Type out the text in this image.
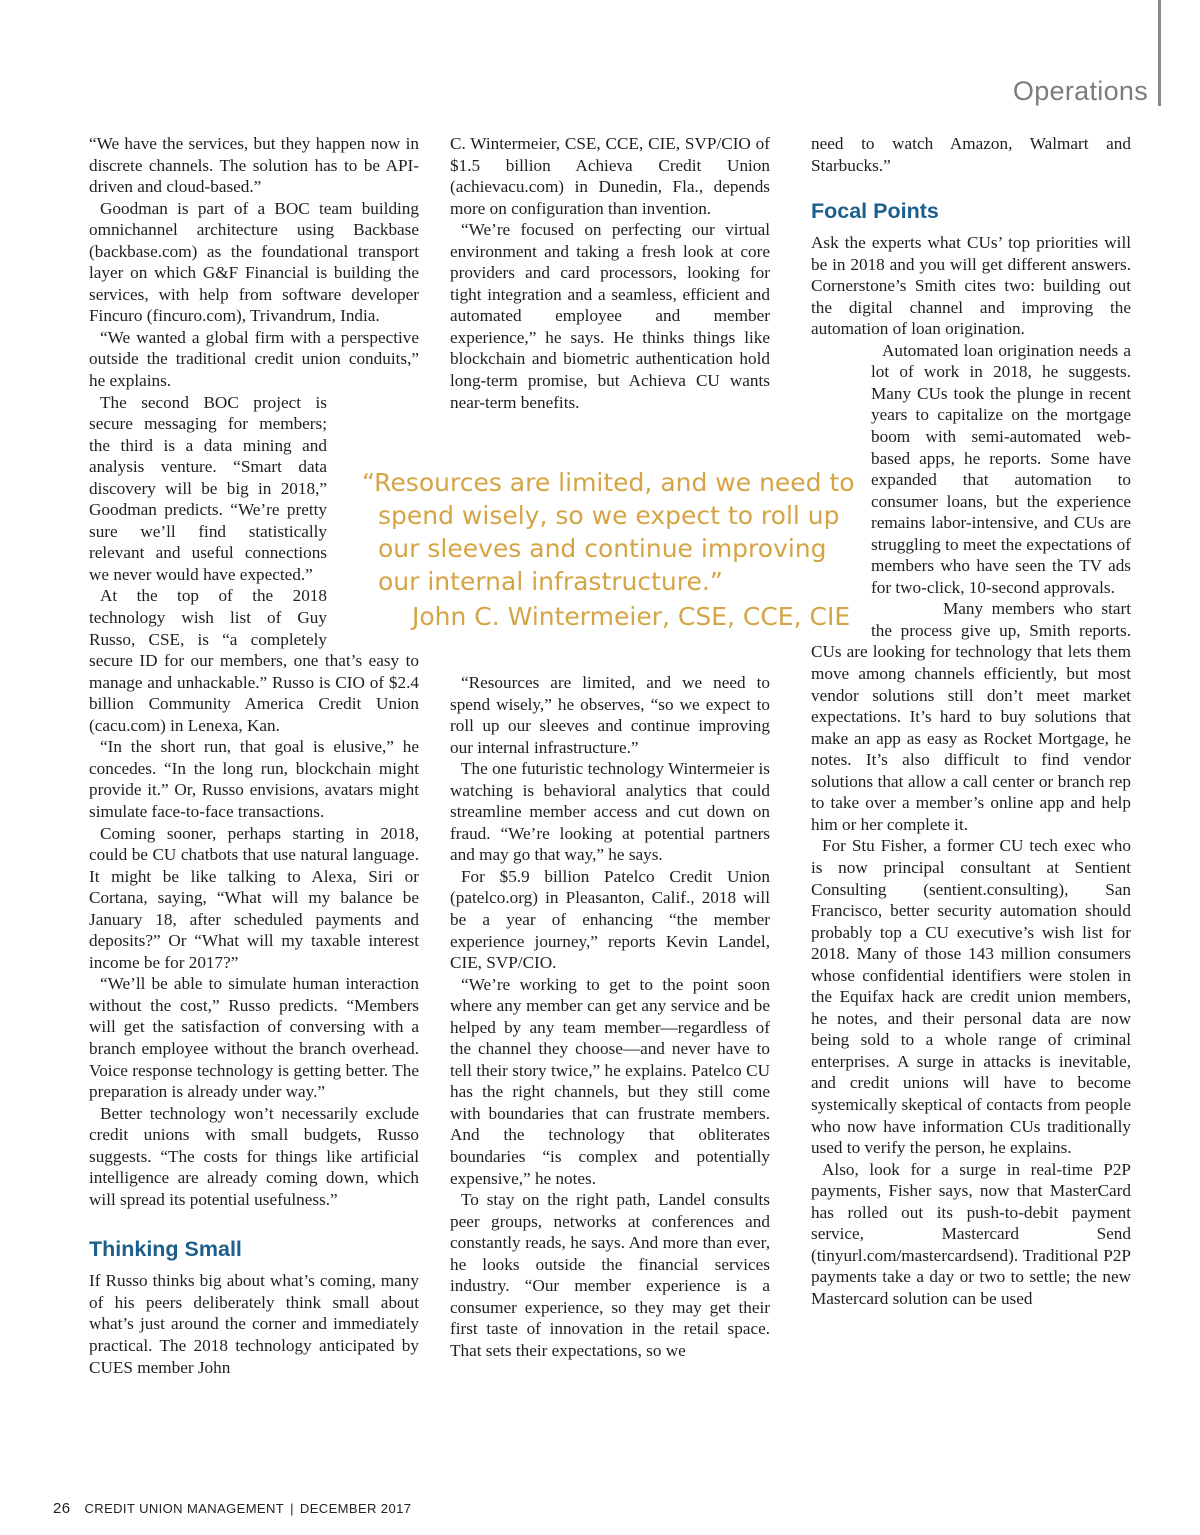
Operations

“We have the services, but they happen now in discrete channels. The solution has to be API-driven and cloud-based.”

Goodman is part of a BOC team building omnichannel architecture using Backbase (backbase.com) as the foundational transport layer on which G&F Financial is building the services, with help from software developer Fincuro (fincuro.com), Trivandrum, India.

“We wanted a global firm with a perspective outside the traditional credit union conduits,” he explains.

The second BOC project is secure messaging for members; the third is a data mining and analysis venture. “Smart data discovery will be big in 2018,” Goodman predicts. “We’re pretty sure we’ll find statistically relevant and useful connections we never would have expected.”

At the top of the 2018 technology wish list of Guy Russo, CSE, is “a completely secure ID for our members, one that’s easy to manage and unhackable.” Russo is CIO of $2.4 billion Community America Credit Union (cacu.com) in Lenexa, Kan.

“In the short run, that goal is elusive,” he concedes. “In the long run, blockchain might provide it.” Or, Russo envisions, avatars might simulate face-to-face transactions.

Coming sooner, perhaps starting in 2018, could be CU chatbots that use natural language. It might be like talking to Alexa, Siri or Cortana, saying, “What will my balance be January 18, after scheduled payments and deposits?” Or “What will my taxable interest income be for 2017?”

“We’ll be able to simulate human interaction without the cost,” Russo predicts. “Members will get the satisfaction of conversing with a branch employee without the branch overhead. Voice response technology is getting better. The preparation is already under way.”

Better technology won’t necessarily exclude credit unions with small budgets, Russo suggests. “The costs for things like artificial intelligence are already coming down, which will spread its potential usefulness.”

Thinking Small

If Russo thinks big about what’s coming, many of his peers deliberately think small about what’s just around the corner and immediately practical. The 2018 technology anticipated by CUES member John

C. Wintermeier, CSE, CCE, CIE, SVP/CIO of $1.5 billion Achieva Credit Union (achievacu.com) in Dunedin, Fla., depends more on configuration than invention.

“We’re focused on perfecting our virtual environment and taking a fresh look at core providers and card processors, looking for tight integration and a seamless, efficient and automated employee and member experience,” he says. He thinks things like blockchain and biometric authentication hold long-term promise, but Achieva CU wants near-term benefits.

“Resources are limited, and we need to
spend wisely, so we expect to roll up
our sleeves and continue improving
our internal infrastructure.”
John C. Wintermeier, CSE, CCE, CIE

“Resources are limited, and we need to spend wisely,” he observes, “so we expect to roll up our sleeves and continue improving our internal infrastructure.”

The one futuristic technology Wintermeier is watching is behavioral analytics that could streamline member access and cut down on fraud. “We’re looking at potential partners and may go that way,” he says.

For $5.9 billion Patelco Credit Union (patelco.org) in Pleasanton, Calif., 2018 will be a year of enhancing “the member experience journey,” reports Kevin Landel, CIE, SVP/CIO.

“We’re working to get to the point soon where any member can get any service and be helped by any team member—regardless of the channel they choose—and never have to tell their story twice,” he explains. Patelco CU has the right channels, but they still come with boundaries that can frustrate members. And the technology that obliterates boundaries “is complex and potentially expensive,” he notes.

To stay on the right path, Landel consults peer groups, networks at conferences and constantly reads, he says. And more than ever, he looks outside the financial services industry. “Our member experience is a consumer experience, so they may get their first taste of innovation in the retail space. That sets their expectations, so we

need to watch Amazon, Walmart and Starbucks.”

Focal Points

Ask the experts what CUs’ top priorities will be in 2018 and you will get different answers. Cornerstone’s Smith cites two: building out the digital channel and improving the automation of loan origination.

Automated loan origination needs a lot of work in 2018, he suggests. Many CUs took the plunge in recent years to capitalize on the mortgage boom with semi-automated web-based apps, he reports. Some have expanded that automation to consumer loans, but the experience remains labor-intensive, and CUs are struggling to meet the expectations of members who have seen the TV ads for two-click, 10-second approvals.

Many members who start the process give up, Smith reports. CUs are looking for technology that lets them move among channels efficiently, but most vendor solutions still don’t meet market expectations. It’s hard to buy solutions that make an app as easy as Rocket Mortgage, he notes. It’s also difficult to find vendor solutions that allow a call center or branch rep to take over a member’s online app and help him or her complete it.

For Stu Fisher, a former CU tech exec who is now principal consultant at Sentient Consulting (sentient.consulting), San Francisco, better security automation should probably top a CU executive’s wish list for 2018. Many of those 143 million consumers whose confidential identifiers were stolen in the Equifax hack are credit union members, he notes, and their personal data are now being sold to a whole range of criminal enterprises. A surge in attacks is inevitable, and credit unions will have to become systemically skeptical of contacts from people who now have information CUs traditionally used to verify the person, he explains.

Also, look for a surge in real-time P2P payments, Fisher says, now that MasterCard has rolled out its push-to-debit payment service, Mastercard Send (tinyurl.com/mastercardsend). Traditional P2P payments take a day or two to settle; the new Mastercard solution can be used

26 CREDIT UNION MANAGEMENT | DECEMBER 2017
